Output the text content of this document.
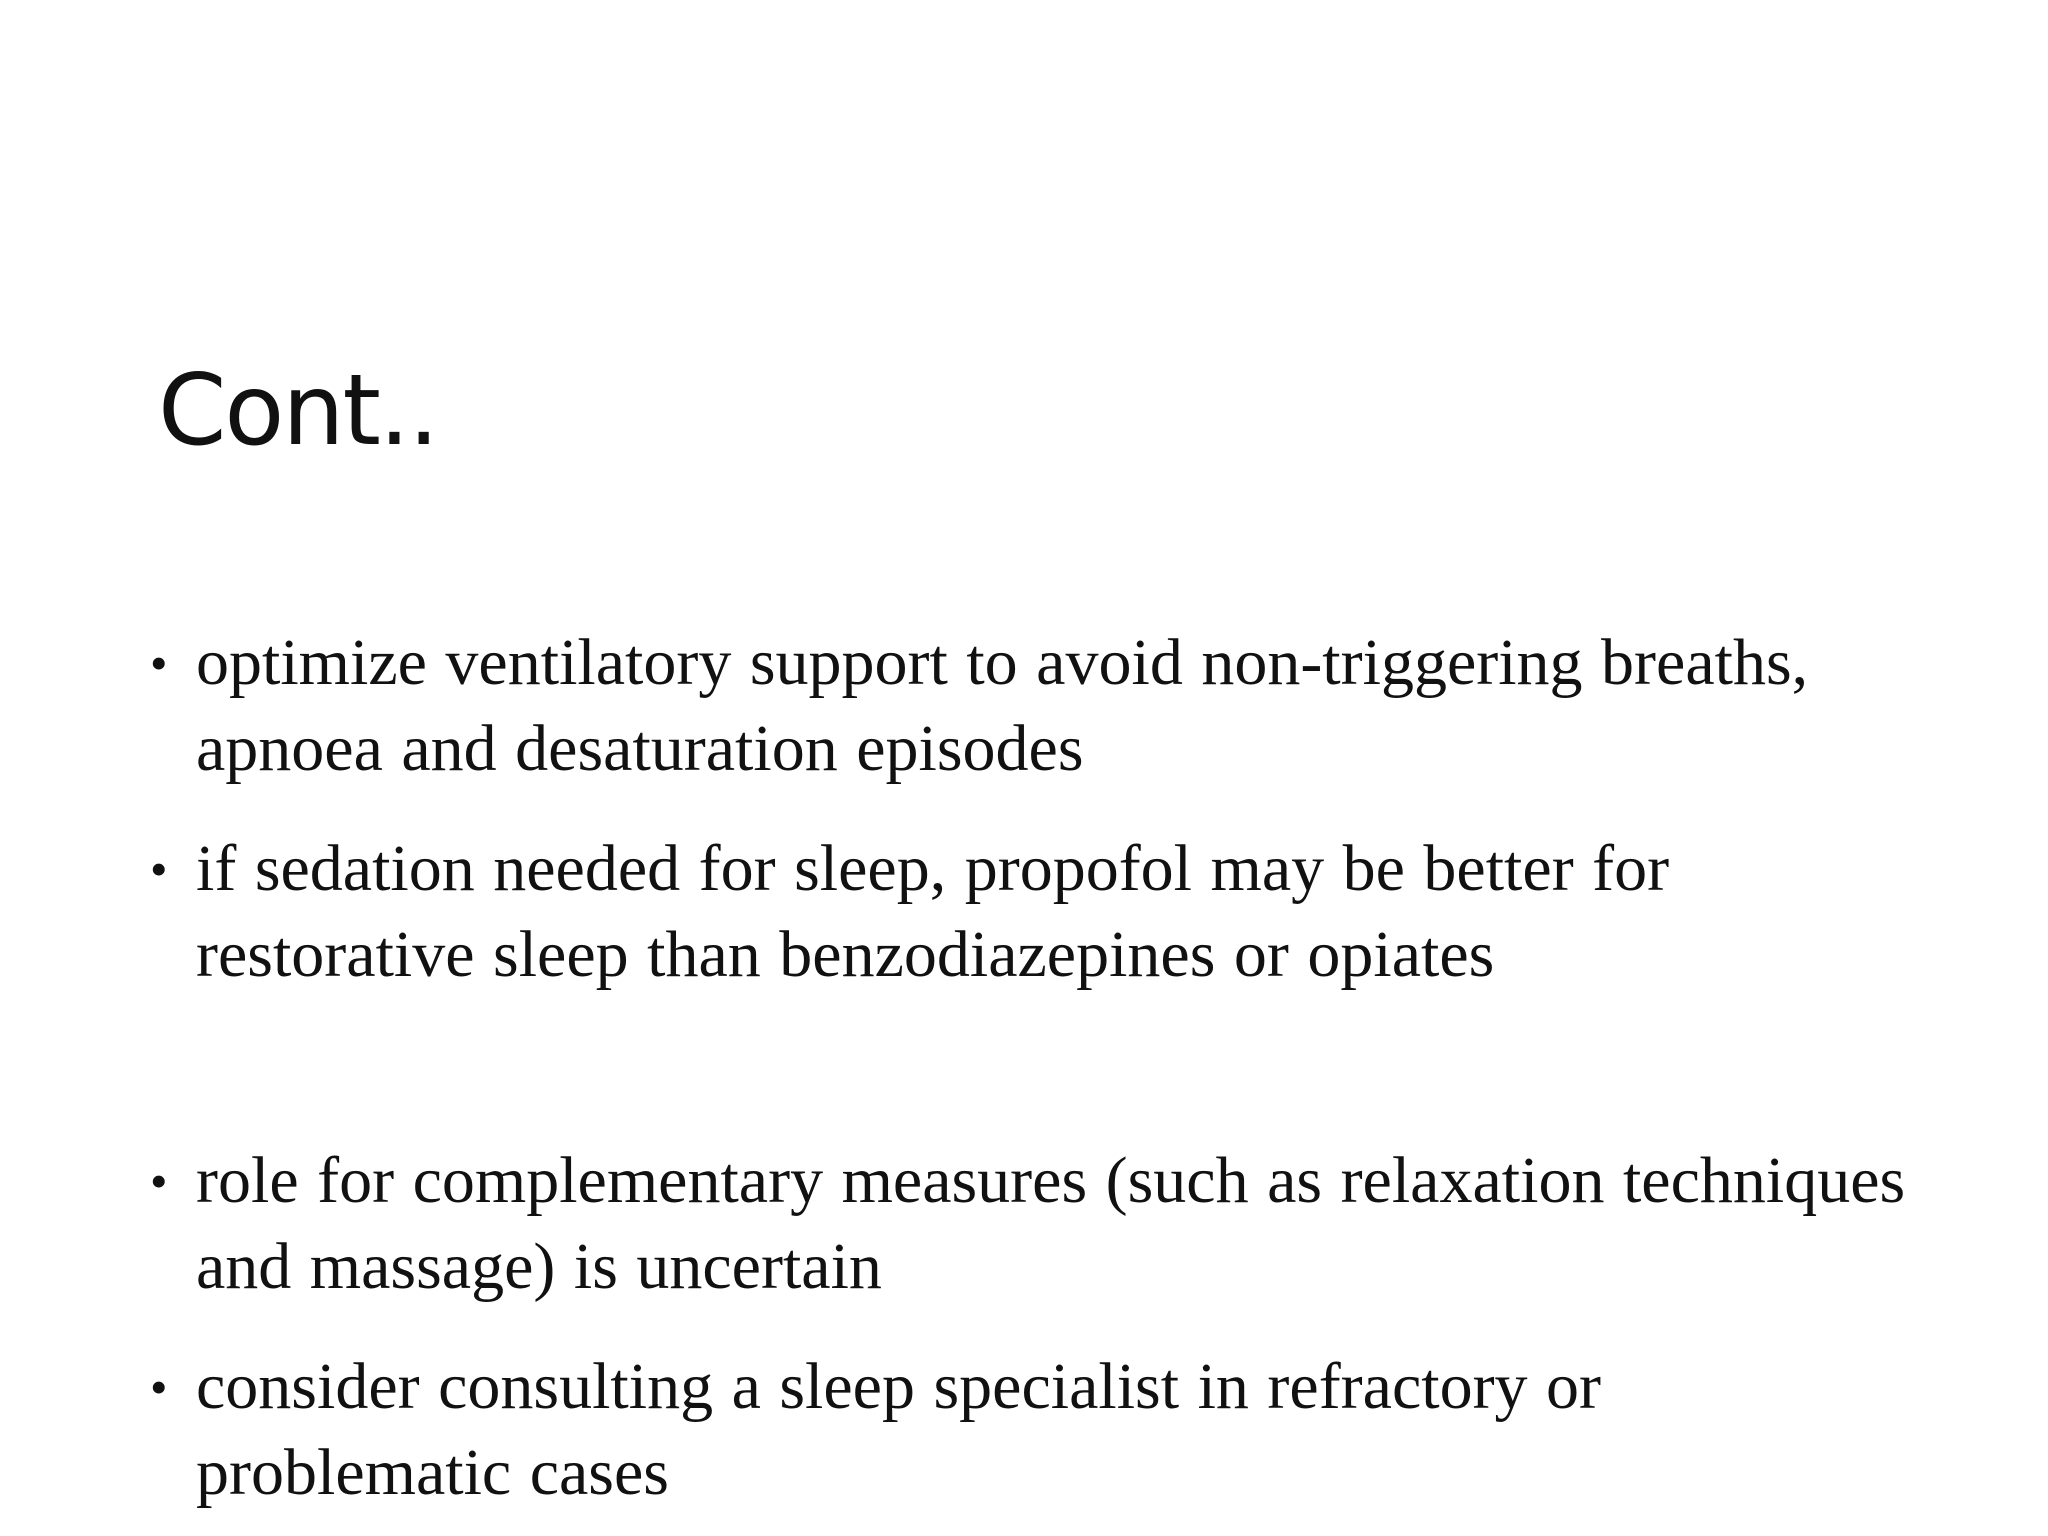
Cont..
• optimize ventilatory support to avoid non-triggering breaths, apnoea and desaturation episodes
• if sedation needed for sleep, propofol may be better for restorative sleep than benzodiazepines or opiates
• role for complementary measures (such as relaxation techniques and massage) is uncertain
• consider consulting a sleep specialist in refractory or problematic cases
